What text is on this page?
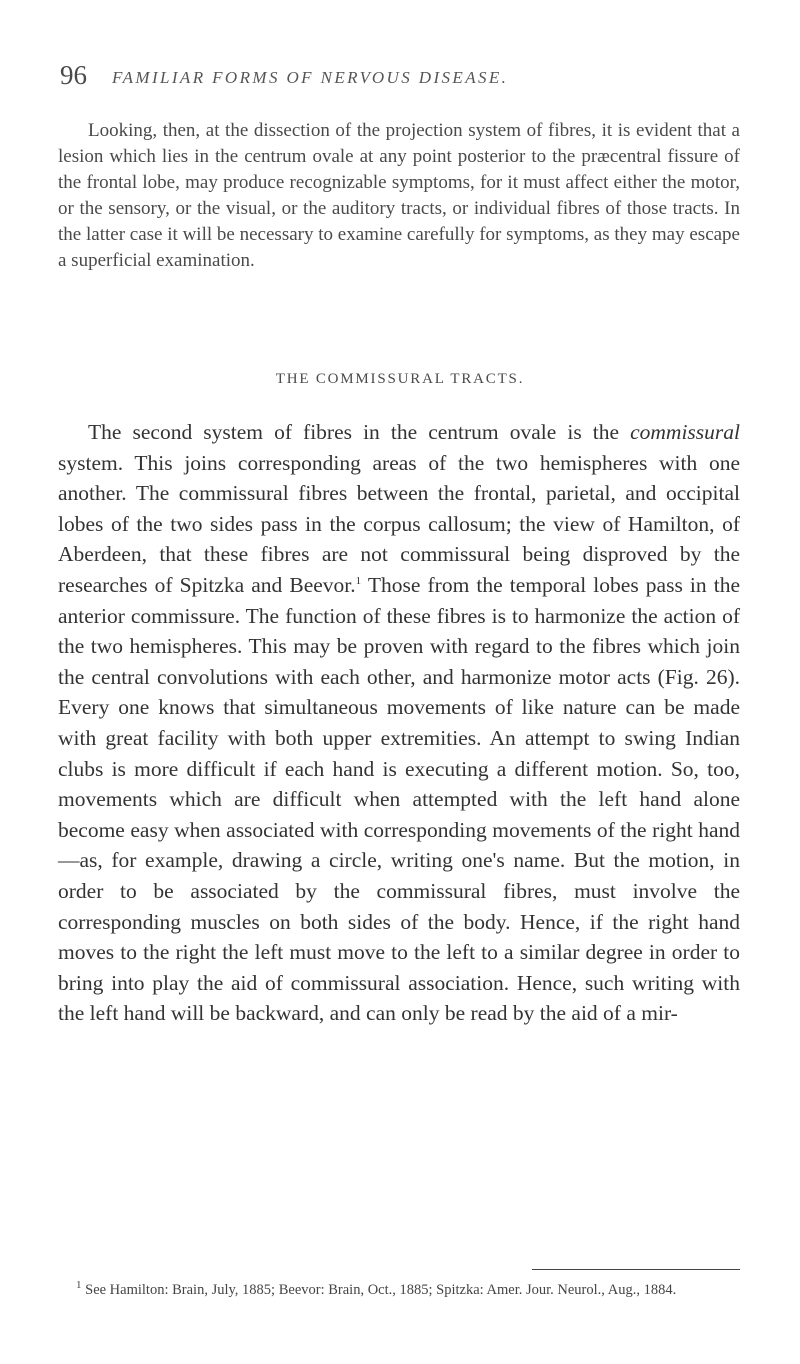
96 FAMILIAR FORMS OF NERVOUS DISEASE.

Looking, then, at the dissection of the projection system of fibres, it is evident that a lesion which lies in the centrum ovale at any point posterior to the præcentral fissure of the frontal lobe, may produce recognizable symptoms, for it must affect either the motor, or the sensory, or the visual, or the auditory tracts, or individual fibres of those tracts. In the latter case it will be necessary to examine carefully for symptoms, as they may escape a superficial examination.

THE COMMISSURAL TRACTS.

The second system of fibres in the centrum ovale is the commissural system. This joins corresponding areas of the two hemispheres with one another. The commissural fibres between the frontal, parietal, and occipital lobes of the two sides pass in the corpus callosum; the view of Hamilton, of Aberdeen, that these fibres are not commissural being disproved by the researches of Spitzka and Beevor.$^1$ Those from the temporal lobes pass in the anterior commissure. The function of these fibres is to harmonize the action of the two hemispheres. This may be proven with regard to the fibres which join the central convolutions with each other, and harmonize motor acts (Fig. 26). Every one knows that simultaneous movements of like nature can be made with great facility with both upper extremities. An attempt to swing Indian clubs is more difficult if each hand is executing a different motion. So, too, movements which are difficult when attempted with the left hand alone become easy when associated with corresponding movements of the right hand—as, for example, drawing a circle, writing one's name. But the motion, in order to be associated by the commissural fibres, must involve the corresponding muscles on both sides of the body. Hence, if the right hand moves to the right the left must move to the left to a similar degree in order to bring into play the aid of commissural association. Hence, such writing with the left hand will be backward, and can only be read by the aid of a mir-

$^1$ See Hamilton: Brain, July, 1885; Beevor: Brain, Oct., 1885; Spitzka: Amer. Jour. Neurol., Aug., 1884.
